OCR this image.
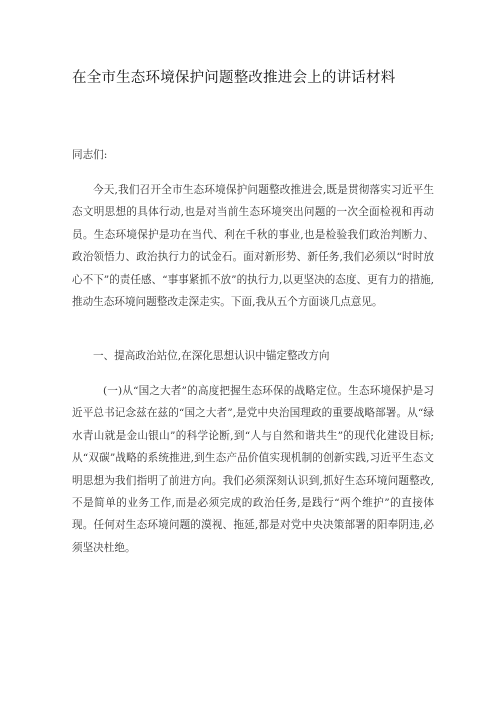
在全市生态环境保护问题整改推进会上的讲话材料
同志们:
今天,我们召开全市生态环境保护问题整改推进会,既是贯彻落实习近平生态文明思想的具体行动,也是对当前生态环境突出问题的一次全面检视和再动员。生态环境保护是功在当代、利在千秋的事业,也是检验我们政治判断力、政治领悟力、政治执行力的试金石。面对新形势、新任务,我们必须以“时时放心不下”的责任感、“事事紧抓不放”的执行力,以更坚决的态度、更有力的措施,推动生态环境问题整改走深走实。下面,我从五个方面谈几点意见。
一、提高政治站位,在深化思想认识中锚定整改方向
(一)从“国之大者”的高度把握生态环保的战略定位。生态环境保护是习近平总书记念兹在兹的“国之大者”,是党中央治国理政的重要战略部署。从“绿水青山就是金山银山”的科学论断,到“人与自然和谐共生”的现代化建设目标;从“双碳”战略的系统推进,到生态产品价值实现机制的创新实践,习近平生态文明思想为我们指明了前进方向。我们必须深刻认识到,抓好生态环境问题整改,不是简单的业务工作,而是必须完成的政治任务,是践行“两个维护”的直接体现。任何对生态环境问题的漠视、拖延,都是对党中央决策部署的阳奉阴违,必须坚决杜绝。
